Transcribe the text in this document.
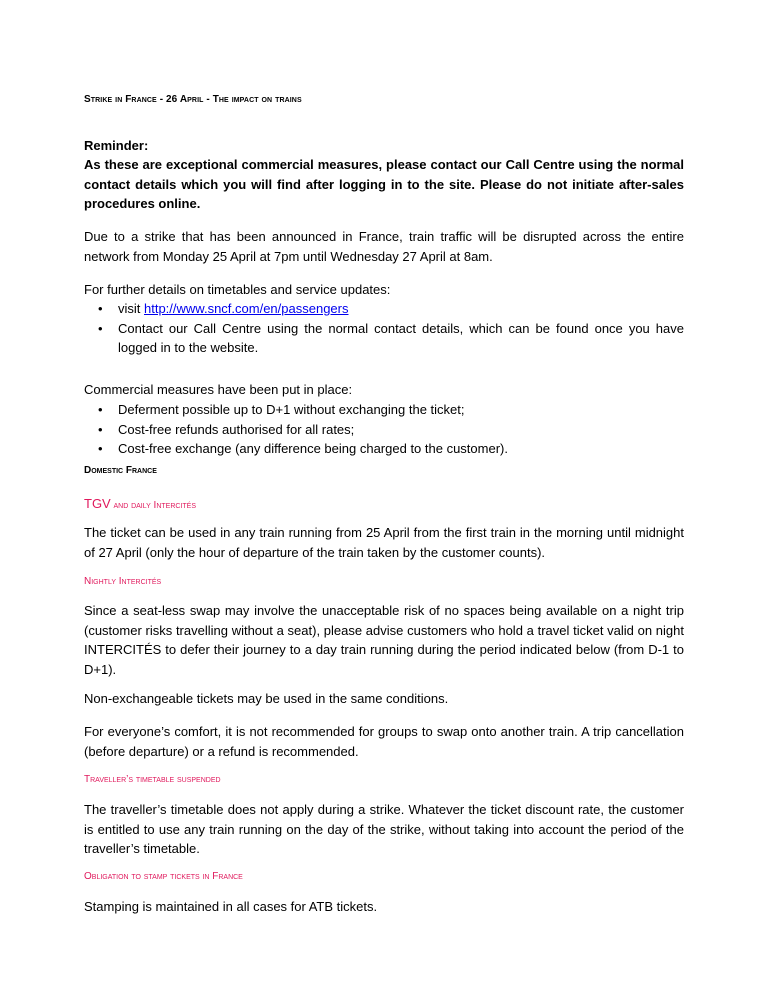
Strike in France - 26 April - The impact on trains
Reminder:
As these are exceptional commercial measures, please contact our Call Centre using the normal contact details which you will find after logging in to the site. Please do not initiate after-sales procedures online.
Due to a strike that has been announced in France, train traffic will be disrupted across the entire network from Monday 25 April at 7pm until Wednesday 27 April at 8am.
For further details on timetables and service updates:
• visit http://www.sncf.com/en/passengers
• Contact our Call Centre using the normal contact details, which can be found once you have logged in to the website.
Commercial measures have been put in place:
• Deferment possible up to D+1 without exchanging the ticket;
• Cost-free refunds authorised for all rates;
• Cost-free exchange (any difference being charged to the customer).
Domestic France
TGV and daily Intercités
The ticket can be used in any train running from 25 April from the first train in the morning until midnight of 27 April (only the hour of departure of the train taken by the customer counts).
Nightly Intercités
Since a seat-less swap may involve the unacceptable risk of no spaces being available on a night trip (customer risks travelling without a seat), please advise customers who hold a travel ticket valid on night INTERCITÉS to defer their journey to a day train running during the period indicated below (from D-1 to D+1).
Non-exchangeable tickets may be used in the same conditions.
For everyone’s comfort, it is not recommended for groups to swap onto another train. A trip cancellation (before departure) or a refund is recommended.
Traveller’s timetable suspended
The traveller’s timetable does not apply during a strike. Whatever the ticket discount rate, the customer is entitled to use any train running on the day of the strike, without taking into account the period of the traveller’s timetable.
Obligation to stamp tickets in France
Stamping is maintained in all cases for ATB tickets.
